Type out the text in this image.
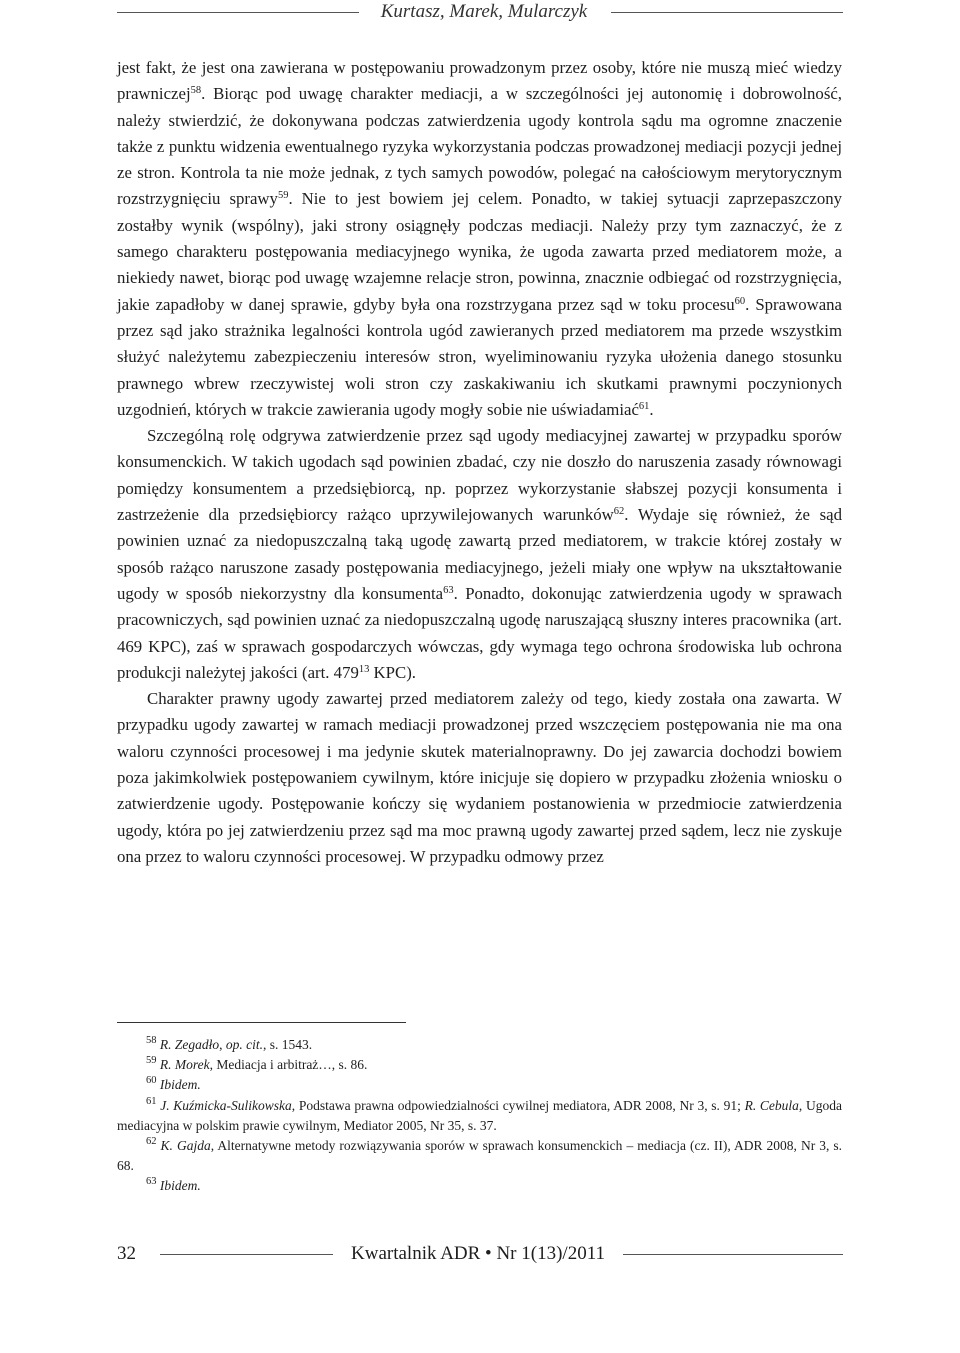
Kurtasz, Marek, Mularczyk

jest fakt, że jest ona zawierana w postępowaniu prowadzonym przez osoby, które nie muszą mieć wiedzy prawniczej$^{58}$. Biorąc pod uwagę charakter mediacji, a w szczególności jej autonomię i dobrowolność, należy stwierdzić, że dokonywana podczas zatwierdzenia ugody kontrola sądu ma ogromne znaczenie także z punktu widzenia ewentualnego ryzyka wykorzystania podczas prowadzonej mediacji pozycji jednej ze stron. Kontrola ta nie może jednak, z tych samych powodów, polegać na całościowym merytorycznym rozstrzygnięciu sprawy$^{59}$. Nie to jest bowiem jej celem. Ponadto, w takiej sytuacji zaprzepaszczony zostałby wynik (wspólny), jaki strony osiągnęły podczas mediacji. Należy przy tym zaznaczyć, że z samego charakteru postępowania mediacyjnego wynika, że ugoda zawarta przed mediatorem może, a niekiedy nawet, biorąc pod uwagę wzajemne relacje stron, powinna, znacznie odbiegać od rozstrzygnięcia, jakie zapadłoby w danej sprawie, gdyby była ona rozstrzygana przez sąd w toku procesu$^{60}$. Sprawowana przez sąd jako strażnika legalności kontrola ugód zawieranych przed mediatorem ma przede wszystkim służyć należytemu zabezpieczeniu interesów stron, wyeliminowaniu ryzyka ułożenia danego stosunku prawnego wbrew rzeczywistej woli stron czy zaskakiwaniu ich skutkami prawnymi poczynionych uzgodnień, których w trakcie zawierania ugody mogły sobie nie uświadamiać$^{61}$.

Szczególną rolę odgrywa zatwierdzenie przez sąd ugody mediacyjnej zawartej w przypadku sporów konsumenckich. W takich ugodach sąd powinien zbadać, czy nie doszło do naruszenia zasady równowagi pomiędzy konsumentem a przedsiębiorcą, np. poprzez wykorzystanie słabszej pozycji konsumenta i zastrzeżenie dla przedsiębiorcy rażąco uprzywilejowanych warunków$^{62}$. Wydaje się również, że sąd powinien uznać za niedopuszczalną taką ugodę zawartą przed mediatorem, w trakcie której zostały w sposób rażąco naruszone zasady postępowania mediacyjnego, jeżeli miały one wpływ na ukształtowanie ugody w sposób niekorzystny dla konsumenta$^{63}$. Ponadto, dokonując zatwierdzenia ugody w sprawach pracowniczych, sąd powinien uznać za niedopuszczalną ugodę naruszającą słuszny interes pracownika (art. 469 KPC), zaś w sprawach gospodarczych wówczas, gdy wymaga tego ochrona środowiska lub ochrona produkcji należytej jakości (art. $479^{13}$ KPC).

Charakter prawny ugody zawartej przed mediatorem zależy od tego, kiedy została ona zawarta. W przypadku ugody zawartej w ramach mediacji prowadzonej przed wszczęciem postępowania nie ma ona waloru czynności procesowej i ma jedynie skutek materialnoprawny. Do jej zawarcia dochodzi bowiem poza jakimkolwiek postępowaniem cywilnym, które inicjuje się dopiero w przypadku złożenia wniosku o zatwierdzenie ugody. Postępowanie kończy się wydaniem postanowienia w przedmiocie zatwierdzenia ugody, która po jej zatwierdzeniu przez sąd ma moc prawną ugody zawartej przed sądem, lecz nie zyskuje ona przez to waloru czynności procesowej. W przypadku odmowy przez

$^{58}$ R. Zegadło, op. cit., s. 1543.

$^{59}$ R. Morek, Mediacja i arbitraż…, s. 86.

$^{60}$ Ibidem.

$^{61}$ J. Kuźmicka-Sulikowska, Podstawa prawna odpowiedzialności cywilnej mediatora, ADR 2008, Nr 3, s. 91; R. Cebula, Ugoda mediacyjna w polskim prawie cywilnym, Mediator 2005, Nr 35, s. 37.

$^{62}$ K. Gajda, Alternatywne metody rozwiązywania sporów w sprawach konsumenckich – mediacja (cz. II), ADR 2008, Nr 3, s. 68.

$^{63}$ Ibidem.

32	Kwartalnik ADR • Nr 1(13)/2011
